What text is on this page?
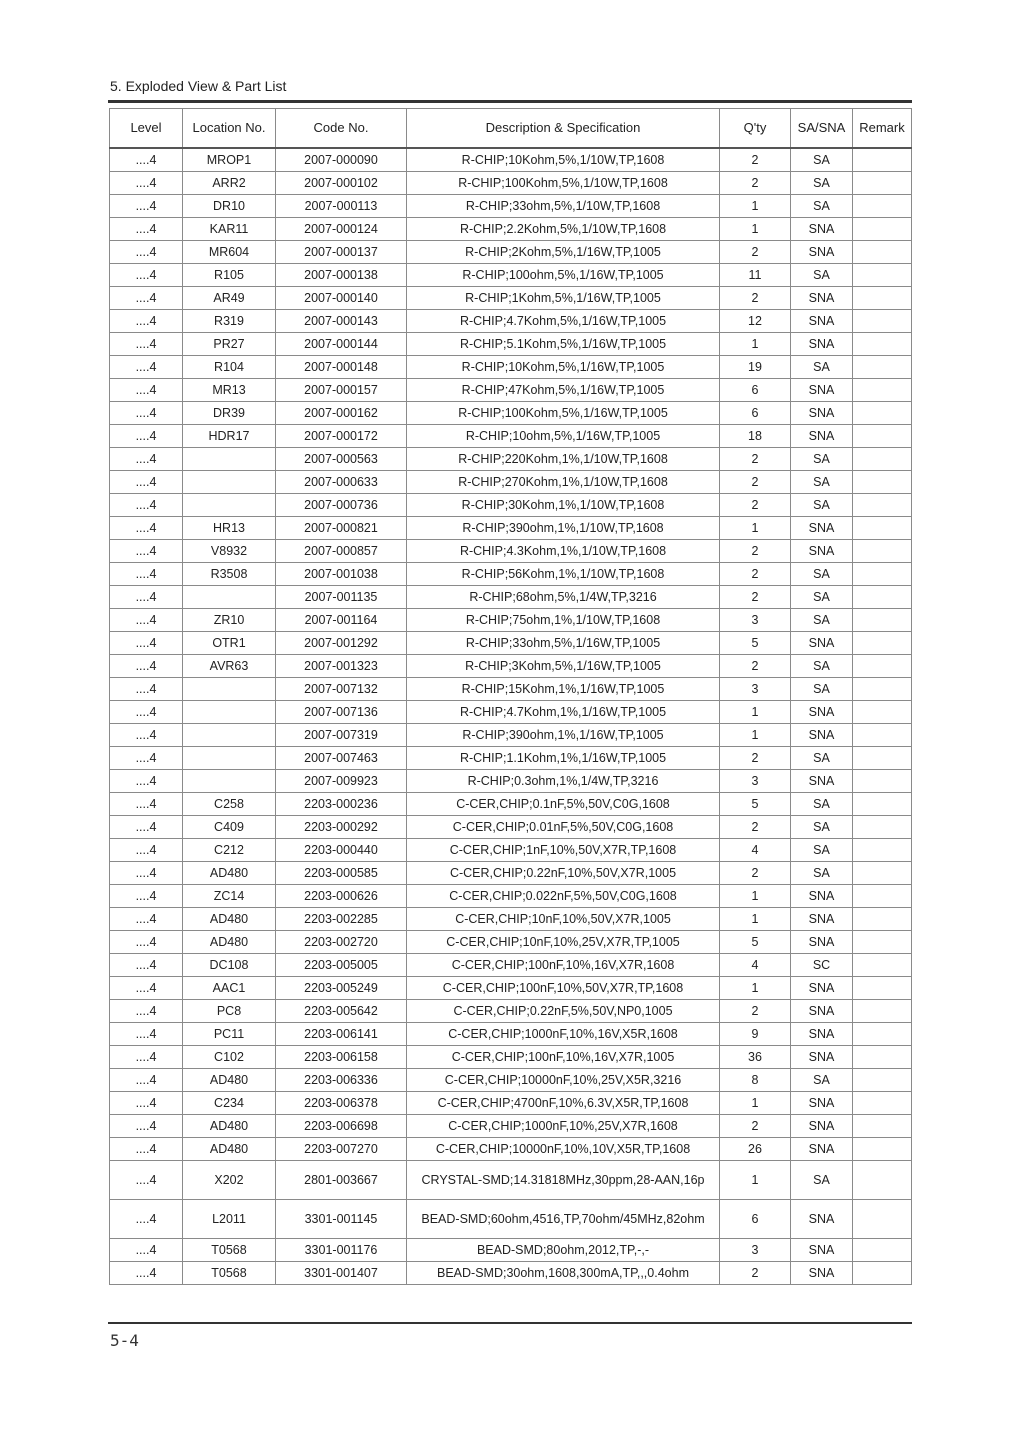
5. Exploded View & Part List
Level	Location No.	Code No.	Description & Specification	Q'ty	SA/SNA	Remark
....4	MROP1	2007-000090	R-CHIP;10Kohm,5%,1/10W,TP,1608	2	SA	
....4	ARR2	2007-000102	R-CHIP;100Kohm,5%,1/10W,TP,1608	2	SA	
....4	DR10	2007-000113	R-CHIP;33ohm,5%,1/10W,TP,1608	1	SA	
....4	KAR11	2007-000124	R-CHIP;2.2Kohm,5%,1/10W,TP,1608	1	SNA	
....4	MR604	2007-000137	R-CHIP;2Kohm,5%,1/16W,TP,1005	2	SNA	
....4	R105	2007-000138	R-CHIP;100ohm,5%,1/16W,TP,1005	11	SA	
....4	AR49	2007-000140	R-CHIP;1Kohm,5%,1/16W,TP,1005	2	SNA	
....4	R319	2007-000143	R-CHIP;4.7Kohm,5%,1/16W,TP,1005	12	SNA	
....4	PR27	2007-000144	R-CHIP;5.1Kohm,5%,1/16W,TP,1005	1	SNA	
....4	R104	2007-000148	R-CHIP;10Kohm,5%,1/16W,TP,1005	19	SA	
....4	MR13	2007-000157	R-CHIP;47Kohm,5%,1/16W,TP,1005	6	SNA	
....4	DR39	2007-000162	R-CHIP;100Kohm,5%,1/16W,TP,1005	6	SNA	
....4	HDR17	2007-000172	R-CHIP;10ohm,5%,1/16W,TP,1005	18	SNA	
....4		2007-000563	R-CHIP;220Kohm,1%,1/10W,TP,1608	2	SA	
....4		2007-000633	R-CHIP;270Kohm,1%,1/10W,TP,1608	2	SA	
....4		2007-000736	R-CHIP;30Kohm,1%,1/10W,TP,1608	2	SA	
....4	HR13	2007-000821	R-CHIP;390ohm,1%,1/10W,TP,1608	1	SNA	
....4	V8932	2007-000857	R-CHIP;4.3Kohm,1%,1/10W,TP,1608	2	SNA	
....4	R3508	2007-001038	R-CHIP;56Kohm,1%,1/10W,TP,1608	2	SA	
....4		2007-001135	R-CHIP;68ohm,5%,1/4W,TP,3216	2	SA	
....4	ZR10	2007-001164	R-CHIP;75ohm,1%,1/10W,TP,1608	3	SA	
....4	OTR1	2007-001292	R-CHIP;33ohm,5%,1/16W,TP,1005	5	SNA	
....4	AVR63	2007-001323	R-CHIP;3Kohm,5%,1/16W,TP,1005	2	SA	
....4		2007-007132	R-CHIP;15Kohm,1%,1/16W,TP,1005	3	SA	
....4		2007-007136	R-CHIP;4.7Kohm,1%,1/16W,TP,1005	1	SNA	
....4		2007-007319	R-CHIP;390ohm,1%,1/16W,TP,1005	1	SNA	
....4		2007-007463	R-CHIP;1.1Kohm,1%,1/16W,TP,1005	2	SA	
....4		2007-009923	R-CHIP;0.3ohm,1%,1/4W,TP,3216	3	SNA	
....4	C258	2203-000236	C-CER,CHIP;0.1nF,5%,50V,C0G,1608	5	SA	
....4	C409	2203-000292	C-CER,CHIP;0.01nF,5%,50V,C0G,1608	2	SA	
....4	C212	2203-000440	C-CER,CHIP;1nF,10%,50V,X7R,TP,1608	4	SA	
....4	AD480	2203-000585	C-CER,CHIP;0.22nF,10%,50V,X7R,1005	2	SA	
....4	ZC14	2203-000626	C-CER,CHIP;0.022nF,5%,50V,C0G,1608	1	SNA	
....4	AD480	2203-002285	C-CER,CHIP;10nF,10%,50V,X7R,1005	1	SNA	
....4	AD480	2203-002720	C-CER,CHIP;10nF,10%,25V,X7R,TP,1005	5	SNA	
....4	DC108	2203-005005	C-CER,CHIP;100nF,10%,16V,X7R,1608	4	SC	
....4	AAC1	2203-005249	C-CER,CHIP;100nF,10%,50V,X7R,TP,1608	1	SNA	
....4	PC8	2203-005642	C-CER,CHIP;0.22nF,5%,50V,NP0,1005	2	SNA	
....4	PC11	2203-006141	C-CER,CHIP;1000nF,10%,16V,X5R,1608	9	SNA	
....4	C102	2203-006158	C-CER,CHIP;100nF,10%,16V,X7R,1005	36	SNA	
....4	AD480	2203-006336	C-CER,CHIP;10000nF,10%,25V,X5R,3216	8	SA	
....4	C234	2203-006378	C-CER,CHIP;4700nF,10%,6.3V,X5R,TP,1608	1	SNA	
....4	AD480	2203-006698	C-CER,CHIP;1000nF,10%,25V,X7R,1608	2	SNA	
....4	AD480	2203-007270	C-CER,CHIP;10000nF,10%,10V,X5R,TP,1608	26	SNA	
....4	X202	2801-003667	CRYSTAL-SMD;14.31818MHz,30ppm,28-AAN,16p	1	SA	
....4	L2011	3301-001145	BEAD-SMD;60ohm,4516,TP,70ohm/45MHz,82ohm	6	SNA	
....4	T0568	3301-001176	BEAD-SMD;80ohm,2012,TP,-,-	3	SNA	
....4	T0568	3301-001407	BEAD-SMD;30ohm,1608,300mA,TP,,,0.4ohm	2	SNA	
5-4
